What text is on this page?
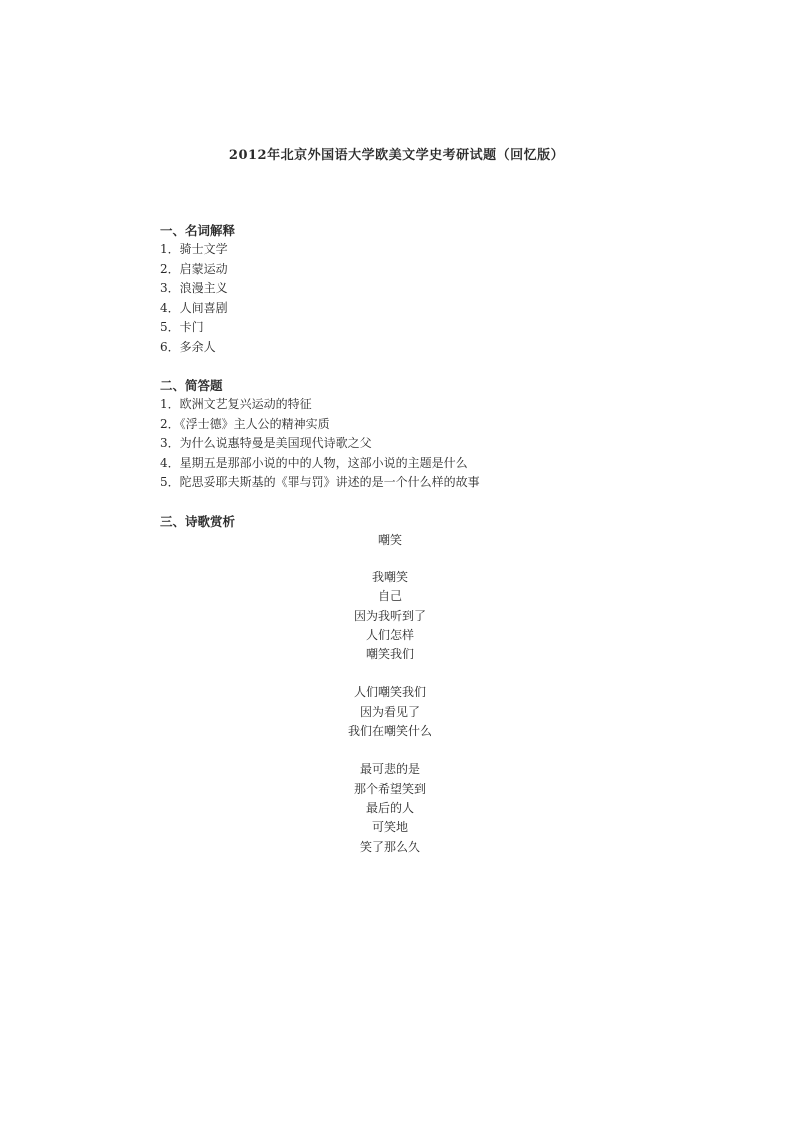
2012年北京外国语大学欧美文学史考研试题（回忆版）
一、名词解释
1．骑士文学
2．启蒙运动
3．浪漫主义
4．人间喜剧
5．卡门
6．多余人
二、简答题
1．欧洲文艺复兴运动的特征
2．《浮士德》主人公的精神实质
3．为什么说惠特曼是美国现代诗歌之父
4．星期五是那部小说的中的人物，这部小说的主题是什么
5．陀思妥耶夫斯基的《罪与罚》讲述的是一个什么样的故事
三、诗歌赏析
嘲笑
我嘲笑
自己
因为我听到了
人们怎样
嘲笑我们
人们嘲笑我们
因为看见了
我们在嘲笑什么
最可悲的是
那个希望笑到
最后的人
可笑地
笑了那么久
